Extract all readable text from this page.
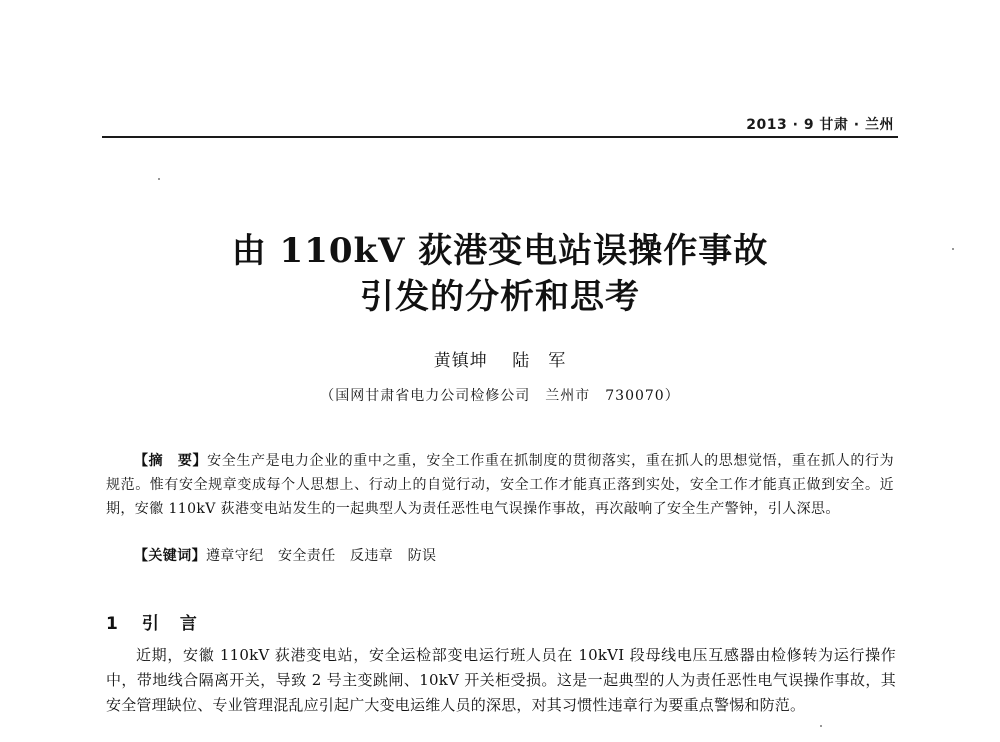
2013 · 9 甘肃 · 兰州
由 110kV 荻港变电站误操作事故
引发的分析和思考
黄镇坤　 陆　军
（国网甘肃省电力公司检修公司　兰州市　730070）

【摘　要】安全生产是电力企业的重中之重，安全工作重在抓制度的贯彻落实，重在抓人的思想觉悟，重在抓人的行为规范。惟有安全规章变成每个人思想上、行动上的自觉行动，安全工作才能真正落到实处，安全工作才能真正做到安全。近期，安徽 110kV 荻港变电站发生的一起典型人为责任恶性电气误操作事故，再次敲响了安全生产警钟，引人深思。

【关键词】遵章守纪　安全责任　反违章　防误
1 引　言

近期，安徽 110kV 荻港变电站，安全运检部变电运行班人员在 10kVI 段母线电压互感器由检修转为运行操作中，带地线合隔离开关，导致 2 号主变跳闸、10kV 开关柜受损。这是一起典型的人为责任恶性电气误操作事故，其安全管理缺位、专业管理混乱应引起广大变电运维人员的深思，对其习惯性违章行为要重点警惕和防范。
